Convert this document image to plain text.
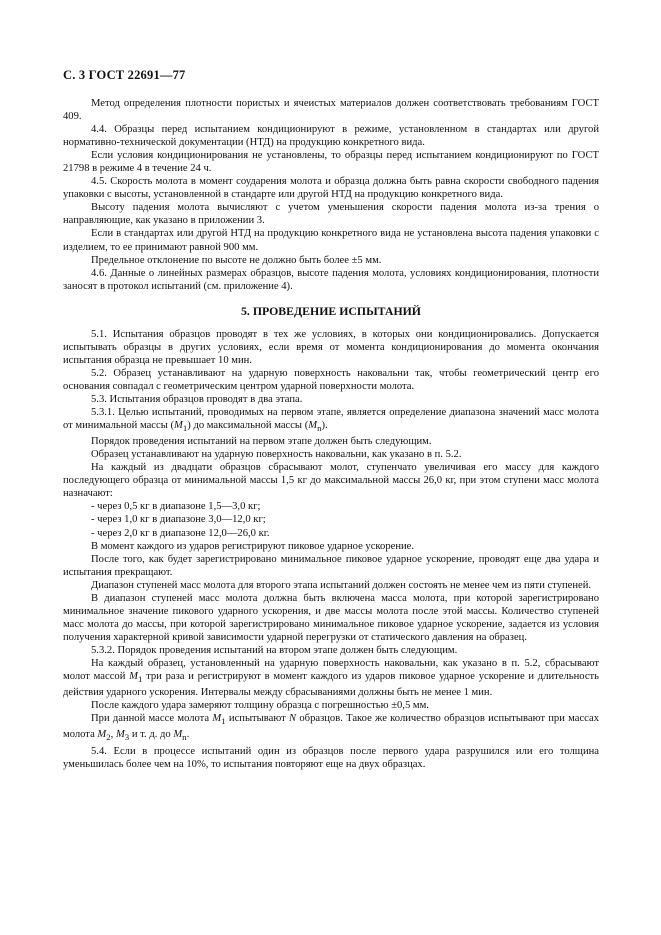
С. 3 ГОСТ 22691—77

Метод определения плотности пористых и ячеистых материалов должен соответствовать требованиям ГОСТ 409.

4.4. Образцы перед испытанием кондиционируют в режиме, установленном в стандартах или другой нормативно-технической документации (НТД) на продукцию конкретного вида.

Если условия кондиционирования не установлены, то образцы перед испытанием кондиционируют по ГОСТ 21798 в режиме 4 в течение 24 ч.

4.5. Скорость молота в момент соударения молота и образца должна быть равна скорости свободного падения упаковки с высоты, установленной в стандарте или другой НТД на продукцию конкретного вида.

Высоту падения молота вычисляют с учетом уменьшения скорости падения молота из-за трения о направляющие, как указано в приложении 3.

Если в стандартах или другой НТД на продукцию конкретного вида не установлена высота падения упаковки с изделием, то ее принимают равной 900 мм.

Предельное отклонение по высоте не должно быть более ±5 мм.

4.6. Данные о линейных размерах образцов, высоте падения молота, условиях кондиционирования, плотности заносят в протокол испытаний (см. приложение 4).

5. ПРОВЕДЕНИЕ ИСПЫТАНИЙ

5.1. Испытания образцов проводят в тех же условиях, в которых они кондиционировались. Допускается испытывать образцы в других условиях, если время от момента кондиционирования до момента окончания испытания образца не превышает 10 мин.

5.2. Образец устанавливают на ударную поверхность наковальни так, чтобы геометрический центр его основания совпадал с геометрическим центром ударной поверхности молота.

5.3. Испытания образцов проводят в два этапа.

5.3.1. Целью испытаний, проводимых на первом этапе, является определение диапазона значений масс молота от минимальной массы $(M_1)$ до максимальной массы $(M_n)$.

Порядок проведения испытаний на первом этапе должен быть следующим.

Образец устанавливают на ударную поверхность наковальни, как указано в п. 5.2.

На каждый из двадцати образцов сбрасывают молот, ступенчато увеличивая его массу для каждого последующего образца от минимальной массы 1,5 кг до максимальной массы 26,0 кг, при этом ступени масс молота назначают:

- через 0,5 кг в диапазоне 1,5—3,0 кг;

- через 1,0 кг в диапазоне 3,0—12,0 кг;

- через 2,0 кг в диапазоне 12,0—26,0 кг.

В момент каждого из ударов регистрируют пиковое ударное ускорение.

После того, как будет зарегистрировано минимальное пиковое ударное ускорение, проводят еще два удара и испытания прекращают.

Диапазон ступеней масс молота для второго этапа испытаний должен состоять не менее чем из пяти ступеней.

В диапазон ступеней масс молота должна быть включена масса молота, при которой зарегистрировано минимальное значение пикового ударного ускорения, и две массы молота после этой массы. Количество ступеней масс молота до массы, при которой зарегистрировано минимальное пиковое ударное ускорение, задается из условия получения характерной кривой зависимости ударной перегрузки от статического давления на образец.

5.3.2. Порядок проведения испытаний на втором этапе должен быть следующим.

На каждый образец, установленный на ударную поверхность наковальни, как указано в п. 5.2, сбрасывают молот массой $M_1$ три раза и регистрируют в момент каждого из ударов пиковое ударное ускорение и длительность действия ударного ускорения. Интервалы между сбрасываниями должны быть не менее 1 мин.

После каждого удара замеряют толщину образца с погрешностью ±0,5 мм.

При данной массе молота $M_1$ испытывают N образцов. Такое же количество образцов испытывают при массах молота $M_2$, $M_3$ и т. д. до $M_n$.

5.4. Если в процессе испытаний один из образцов после первого удара разрушился или его толщина уменьшилась более чем на 10%, то испытания повторяют еще на двух образцах.
